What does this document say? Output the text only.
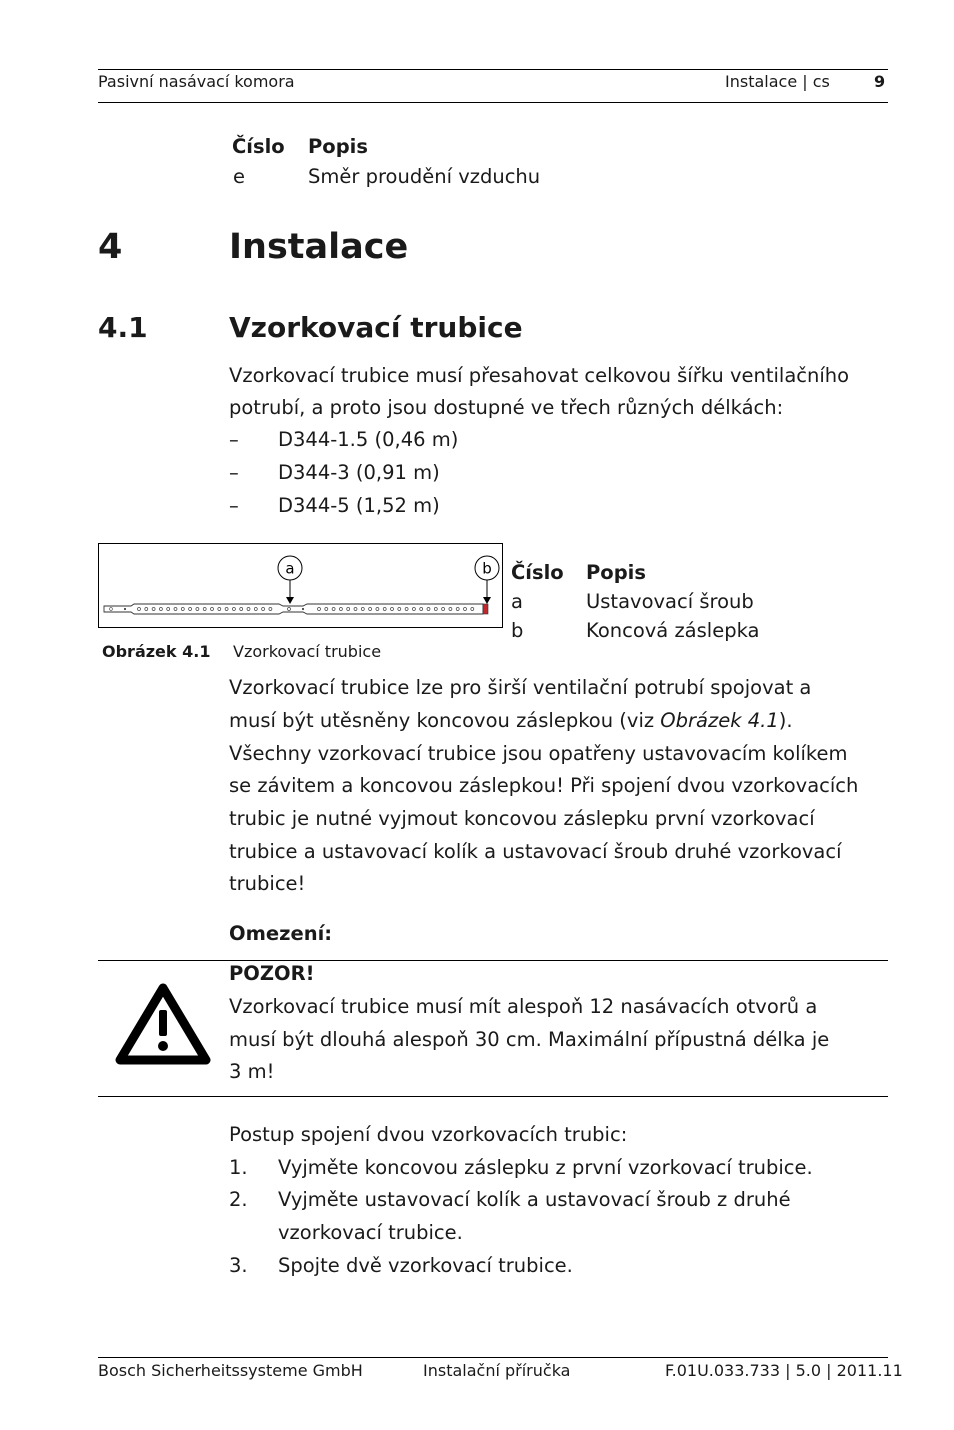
Pasivní nasávací komora	Instalace | cs	9
Číslo Popis
e	Směr proudění vzduchu
4	Instalace
4.1	Vzorkovací trubice
Vzorkovací trubice musí přesahovat celkovou šířku ventilačního
potrubí, a proto jsou dostupné ve třech různých délkách:
– D344-1.5 (0,46 m)
– D344-3 (0,91 m)
– D344-5 (1,52 m)
a	b
Obrázek 4.1 Vzorkovací trubice
Číslo Popis
a	Ustavovací šroub
b	Koncová záslepka
Vzorkovací trubice lze pro širší ventilační potrubí spojovat a
musí být utěsněny koncovou záslepkou (viz Obrázek 4.1).
Všechny vzorkovací trubice jsou opatřeny ustavovacím kolíkem
se závitem a koncovou záslepkou! Při spojení dvou vzorkovacích
trubic je nutné vyjmout koncovou záslepku první vzorkovací
trubice a ustavovací kolík a ustavovací šroub druhé vzorkovací
trubice!
Omezení:
POZOR!
Vzorkovací trubice musí mít alespoň 12 nasávacích otvorů a
musí být dlouhá alespoň 30 cm. Maximální přípustná délka je
3 m!
Postup spojení dvou vzorkovacích trubic:
1. Vyjměte koncovou záslepku z první vzorkovací trubice.
2. Vyjměte ustavovací kolík a ustavovací šroub z druhé
vzorkovací trubice.
3. Spojte dvě vzorkovací trubice.
Bosch Sicherheitssysteme GmbH	Instalační příručka	F.01U.033.733 | 5.0 | 2011.11
